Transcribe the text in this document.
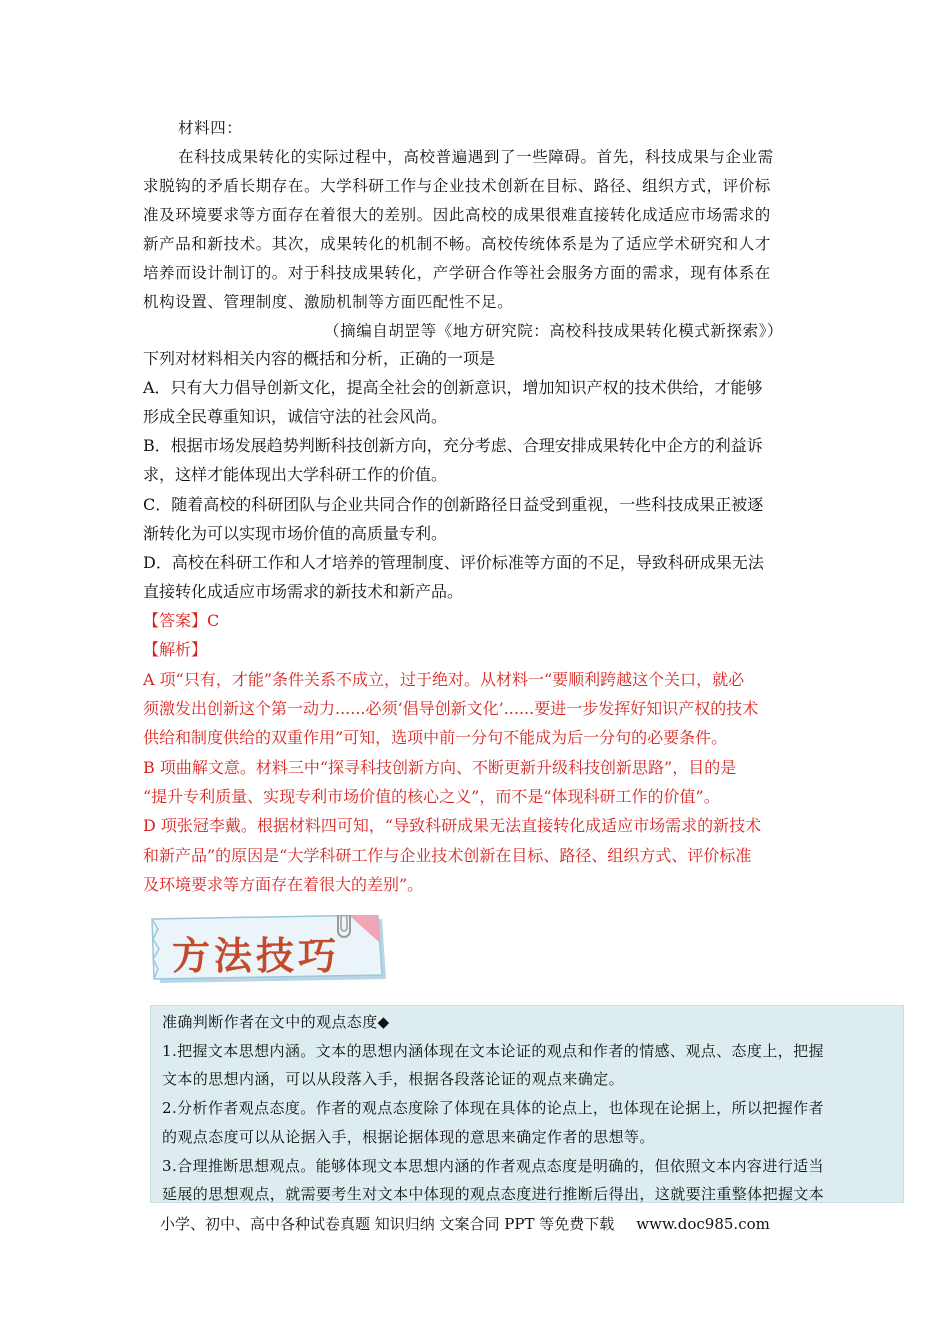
材料四：
在科技成果转化的实际过程中，高校普遍遇到了一些障碍。首先，科技成果与企业需
求脱钩的矛盾长期存在。大学科研工作与企业技术创新在目标、路径、组织方式，评价标
准及环境要求等方面存在着很大的差别。因此高校的成果很难直接转化成适应市场需求的
新产品和新技术。其次，成果转化的机制不畅。高校传统体系是为了适应学术研究和人才
培养而设计制订的。对于科技成果转化，产学研合作等社会服务方面的需求，现有体系在
机构设置、管理制度、激励机制等方面匹配性不足。
（摘编自胡罡等《地方研究院：高校科技成果转化模式新探索》）
下列对材料相关内容的概括和分析，正确的一项是
A．只有大力倡导创新文化，提高全社会的创新意识，增加知识产权的技术供给，才能够
形成全民尊重知识，诚信守法的社会风尚。
B．根据市场发展趋势判断科技创新方向，充分考虑、合理安排成果转化中企方的利益诉
求，这样才能体现出大学科研工作的价值。
C．随着高校的科研团队与企业共同合作的创新路径日益受到重视，一些科技成果正被逐
渐转化为可以实现市场价值的高质量专利。
D．高校在科研工作和人才培养的管理制度、评价标准等方面的不足，导致科研成果无法
直接转化成适应市场需求的新技术和新产品。
【答案】C
【解析】
A 项“只有，才能”条件关系不成立，过于绝对。从材料一“要顺利跨越这个关口，就必
须激发出创新这个第一动力......必须‘倡导创新文化’......要进一步发挥好知识产权的技术
供给和制度供给的双重作用”可知，选项中前一分句不能成为后一分句的必要条件。
B 项曲解文意。材料三中“探寻科技创新方向、不断更新升级科技创新思路”，目的是
“提升专利质量、实现专利市场价值的核心之义”，而不是“体现科研工作的价值”。
D 项张冠李戴。根据材料四可知，“导致科研成果无法直接转化成适应市场需求的新技术
和新产品”的原因是“大学科研工作与企业技术创新在目标、路径、组织方式、评价标准
及环境要求等方面存在着很大的差别”。
方法技巧
准确判断作者在文中的观点态度◆
1.把握文本思想内涵。文本的思想内涵体现在文本论证的观点和作者的情感、观点、态度上，把握
文本的思想内涵，可以从段落入手，根据各段落论证的观点来确定。
2.分析作者观点态度。作者的观点态度除了体现在具体的论点上，也体现在论据上，所以把握作者
的观点态度可以从论据入手，根据论据体现的意思来确定作者的思想等。
3.合理推断思想观点。能够体现文本思想内涵的作者观点态度是明确的，但依照文本内容进行适当
延展的思想观点，就需要考生对文本中体现的观点态度进行推断后得出，这就要注重整体把握文本
小学、初中、高中各种试卷真题 知识归纳 文案合同 PPT 等免费下载 www.doc985.com
